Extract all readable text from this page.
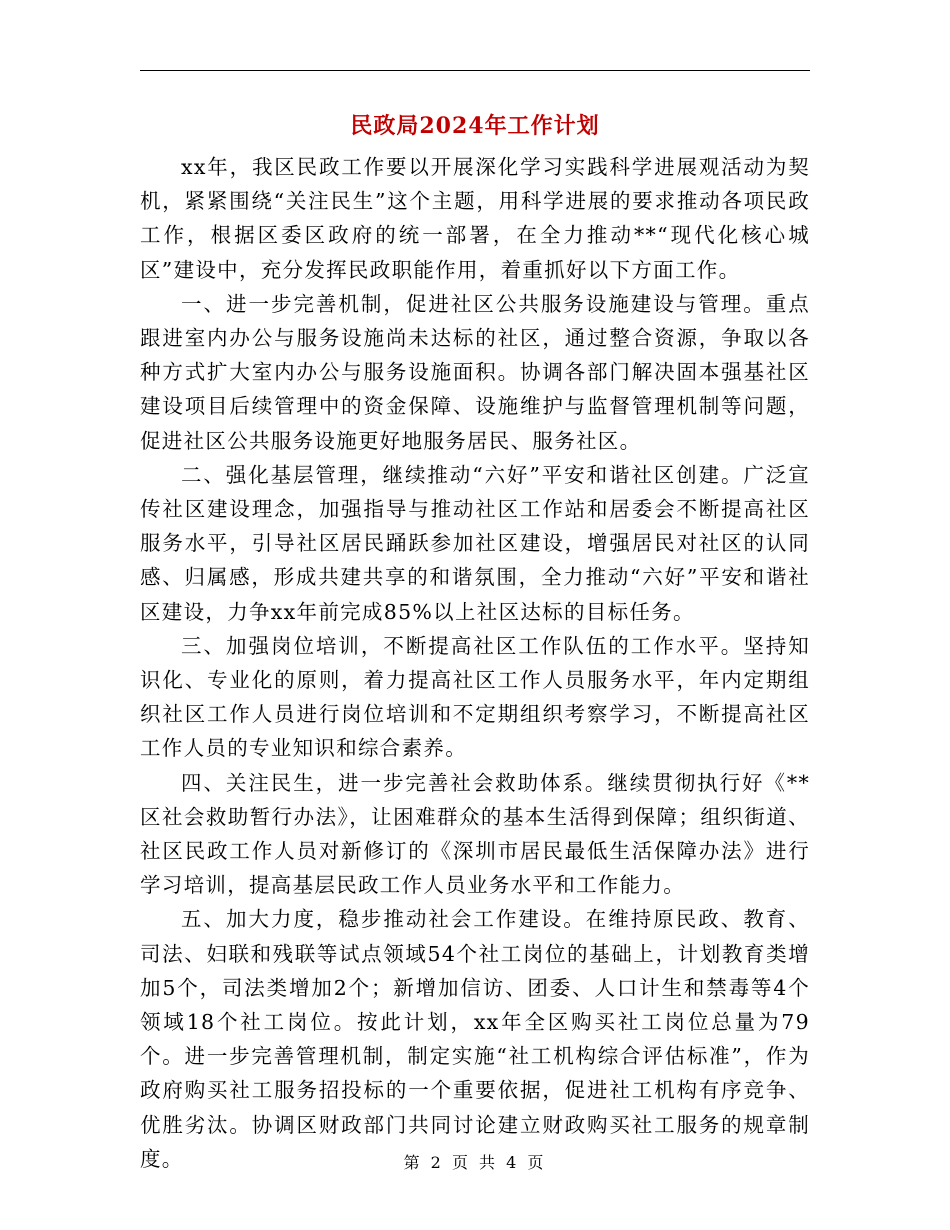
民政局2024年工作计划

xx年，我区民政工作要以开展深化学习实践科学进展观活动为契机，紧紧围绕“关注民生”这个主题，用科学进展的要求推动各项民政工作，根据区委区政府的统一部署，在全力推动**“现代化核心城区”建设中，充分发挥民政职能作用，着重抓好以下方面工作。

一、进一步完善机制，促进社区公共服务设施建设与管理。重点跟进室内办公与服务设施尚未达标的社区，通过整合资源，争取以各种方式扩大室内办公与服务设施面积。协调各部门解决固本强基社区建设项目后续管理中的资金保障、设施维护与监督管理机制等问题，促进社区公共服务设施更好地服务居民、服务社区。

二、强化基层管理，继续推动“六好”平安和谐社区创建。广泛宣传社区建设理念，加强指导与推动社区工作站和居委会不断提高社区服务水平，引导社区居民踊跃参加社区建设，增强居民对社区的认同感、归属感，形成共建共享的和谐氛围，全力推动“六好”平安和谐社区建设，力争xx年前完成85%以上社区达标的目标任务。

三、加强岗位培训，不断提高社区工作队伍的工作水平。坚持知识化、专业化的原则，着力提高社区工作人员服务水平，年内定期组织社区工作人员进行岗位培训和不定期组织考察学习，不断提高社区工作人员的专业知识和综合素养。

四、关注民生，进一步完善社会救助体系。继续贯彻执行好《**区社会救助暂行办法》，让困难群众的基本生活得到保障；组织街道、社区民政工作人员对新修订的《深圳市居民最低生活保障办法》进行学习培训，提高基层民政工作人员业务水平和工作能力。

五、加大力度，稳步推动社会工作建设。在维持原民政、教育、司法、妇联和残联等试点领域54个社工岗位的基础上，计划教育类增加5个，司法类增加2个；新增加信访、团委、人口计生和禁毒等4个领域18个社工岗位。按此计划，xx年全区购买社工岗位总量为79个。进一步完善管理机制，制定实施“社工机构综合评估标准”，作为政府购买社工服务招投标的一个重要依据，促进社工机构有序竞争、优胜劣汰。协调区财政部门共同讨论建立财政购买社工服务的规章制度。	第 2 页 共 4 页
